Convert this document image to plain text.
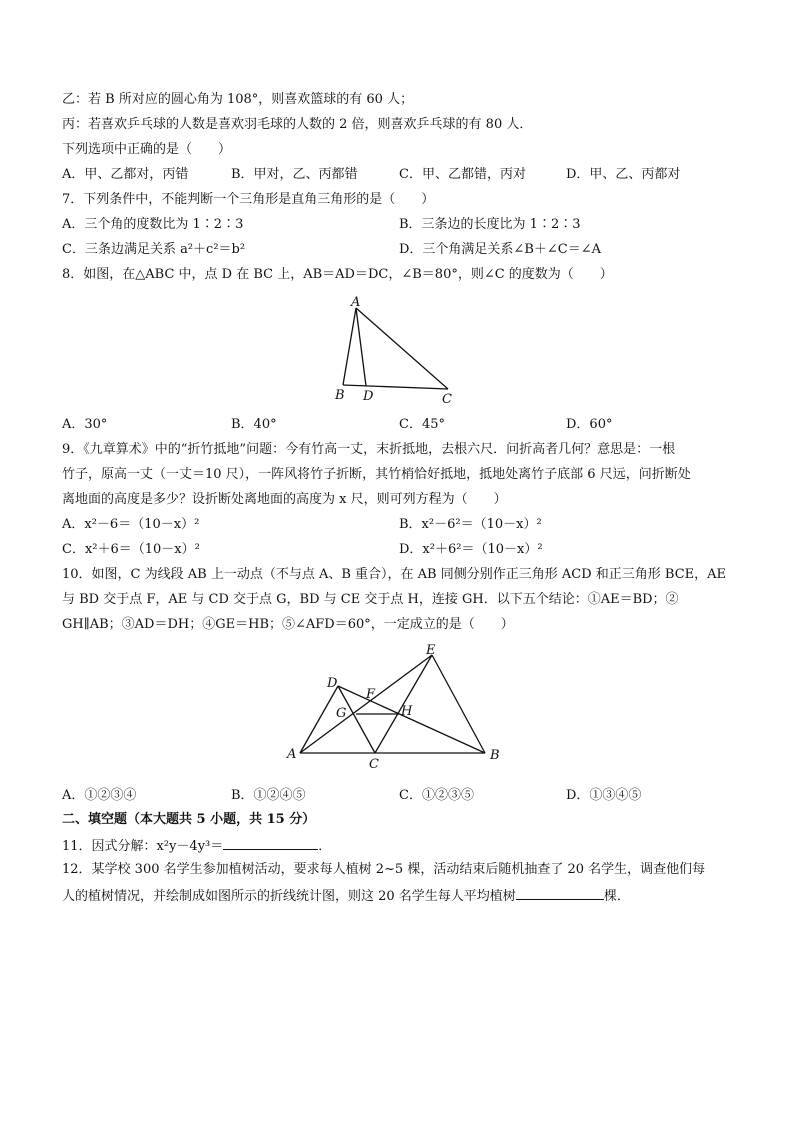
乙：若 B 所对应的圆心角为 108°，则喜欢篮球的有 60 人；
丙：若喜欢乒乓球的人数是喜欢羽毛球的人数的 2 倍，则喜欢乒乓球的有 80 人．
下列选项中正确的是（　　）
A．甲、乙都对，丙错	B．甲对，乙、丙都错	C．甲、乙都错，丙对	D．甲、乙、丙都对
7．下列条件中，不能判断一个三角形是直角三角形的是（　　）
A．三个角的度数比为 1∶2∶3	B．三条边的长度比为 1∶2∶3
C．三条边满足关系 a²＋c²＝b²	D．三个角满足关系∠B＋∠C＝∠A
8．如图，在△ABC 中，点 D 在 BC 上，AB＝AD＝DC，∠B＝80°，则∠C 的度数为（　　）
A
B D	C
A．30°	B．40°	C．45°	D．60°
9．《九章算术》中的“折竹抵地”问题：今有竹高一丈，末折抵地，去根六尺．问折高者几何？意思是：一根
竹子，原高一丈（一丈＝10 尺），一阵风将竹子折断，其竹梢恰好抵地，抵地处离竹子底部 6 尺远，问折断处
离地面的高度是多少？设折断处离地面的高度为 x 尺，则可列方程为（　　）
A．x²－6＝（10－x）²	B．x²－6²＝（10－x）²
C．x²＋6＝（10－x）²	D．x²＋6²＝（10－x）²
10．如图，C 为线段 AB 上一动点（不与点 A、B 重合），在 AB 同侧分别作正三角形 ACD 和正三角形 BCE，AE
与 BD 交于点 F，AE 与 CD 交于点 G，BD 与 CE 交于点 H，连接 GH．以下五个结论：①AE＝BD；②
GH∥AB；③AD＝DH；④GE＝HB；⑤∠AFD＝60°，一定成立的是（　　）
E
D
F
G	H
A
C
B
A．①②③④	B．①②④⑤	C．①②③⑤	D．①③④⑤
二、填空题（本大题共 5 小题，共 15 分）
11．因式分解：x²y－4y³＝	．
12．某学校 300 名学生参加植树活动，要求每人植树 2~5 棵，活动结束后随机抽查了 20 名学生，调查他们每
人的植树情况，并绘制成如图所示的折线统计图，则这 20 名学生每人平均植树	棵．
